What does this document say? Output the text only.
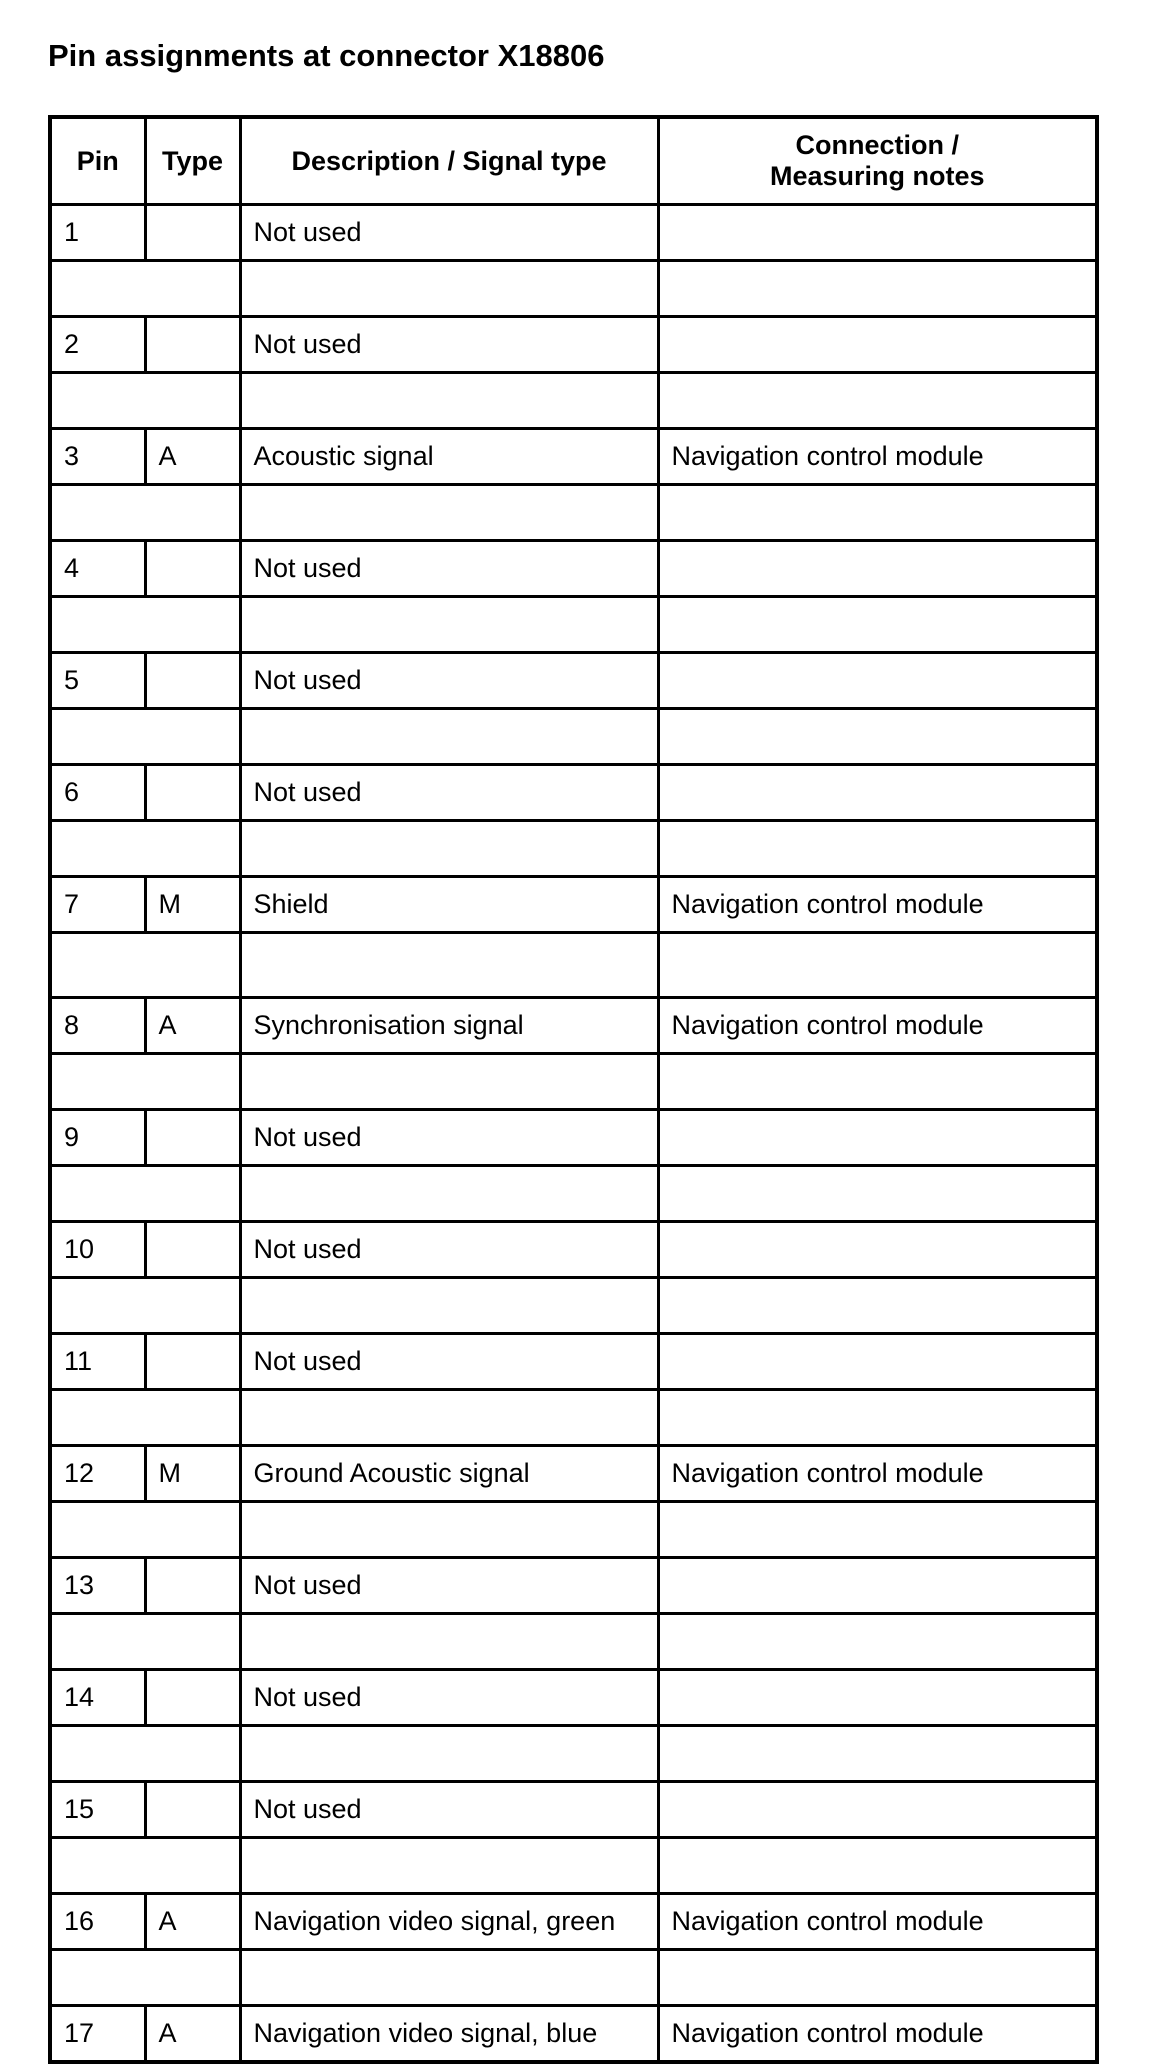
Pin assignments at connector X18806
Pin	Type	Description / Signal type	Connection /
Measuring notes
1		Not used	

2		Not used	

3	A	Acoustic signal	Navigation control module

4		Not used	

5		Not used	

6		Not used	

7	M	Shield	Navigation control module

8	A	Synchronisation signal	Navigation control module

9		Not used	

10		Not used	

11		Not used	

12	M	Ground Acoustic signal	Navigation control module

13		Not used	

14		Not used	

15		Not used	

16	A	Navigation video signal, green	Navigation control module

17	A	Navigation video signal, blue	Navigation control module
